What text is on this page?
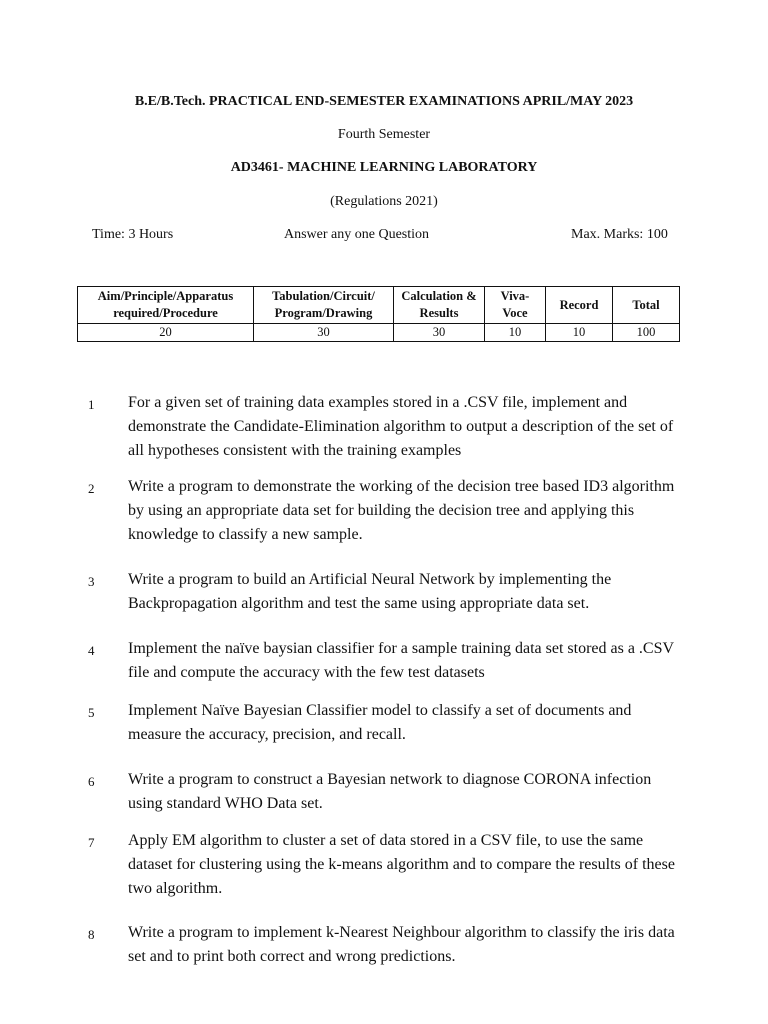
B.E/B.Tech. PRACTICAL END-SEMESTER EXAMINATIONS APRIL/MAY 2023
Fourth Semester
AD3461- MACHINE LEARNING LABORATORY
(Regulations 2021)
Time: 3 Hours	Answer any one Question	Max. Marks: 100
Aim/Principle/Apparatus required/Procedure	Tabulation/Circuit/ Program/Drawing	Calculation & Results	Viva- Voce	Record	Total
20	30	30	10	10	100
1 For a given set of training data examples stored in a .CSV file, implement and demonstrate the Candidate-Elimination algorithm to output a description of the set of all hypotheses consistent with the training examples
2 Write a program to demonstrate the working of the decision tree based ID3 algorithm by using an appropriate data set for building the decision tree and applying this knowledge to classify a new sample.
3 Write a program to build an Artificial Neural Network by implementing the Backpropagation algorithm and test the same using appropriate data set.
4 Implement the naïve baysian classifier for a sample training data set stored as a .CSV file and compute the accuracy with the few test datasets
5 Implement Naïve Bayesian Classifier model to classify a set of documents and measure the accuracy, precision, and recall.
6 Write a program to construct a Bayesian network to diagnose CORONA infection using standard WHO Data set.
7 Apply EM algorithm to cluster a set of data stored in a CSV file, to use the same dataset for clustering using the k-means algorithm and to compare the results of these two algorithm.
8 Write a program to implement k-Nearest Neighbour algorithm to classify the iris data set and to print both correct and wrong predictions.
